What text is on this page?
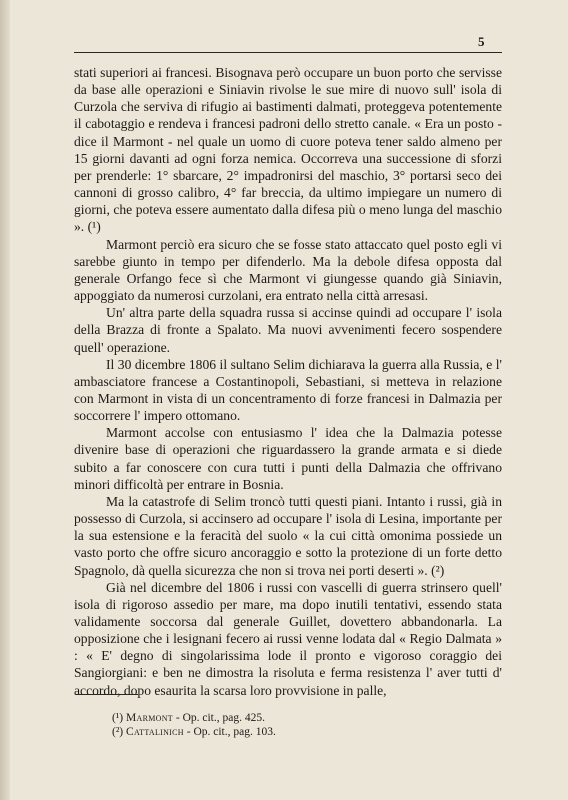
5

stati superiori ai francesi. Bisognava però occupare un buon porto che servisse da base alle operazioni e Siniavin rivolse le sue mire di nuovo sull' isola di Curzola che serviva di rifugio ai bastimenti dalmati, proteggeva potentemente il cabotaggio e rendeva i francesi padroni dello stretto canale. « Era un posto - dice il Marmont - nel quale un uomo di cuore poteva tener saldo almeno per 15 giorni davanti ad ogni forza nemica. Occorreva una successione di sforzi per prenderle: 1° sbarcare, 2° impadronirsi del maschio, 3° portarsi seco dei cannoni di grosso calibro, 4° far breccia, da ultimo impiegare un numero di giorni, che poteva essere aumentato dalla difesa più o meno lunga del maschio ». (¹)

Marmont perciò era sicuro che se fosse stato attaccato quel posto egli vi sarebbe giunto in tempo per difenderlo. Ma la debole difesa opposta dal generale Orfango fece sì che Marmont vi giungesse quando già Siniavin, appoggiato da numerosi curzolani, era entrato nella città arresasi.

Un' altra parte della squadra russa si accinse quindi ad occupare l' isola della Brazza di fronte a Spalato. Ma nuovi avvenimenti fecero sospendere quell' operazione.

Il 30 dicembre 1806 il sultano Selim dichiarava la guerra alla Russia, e l' ambasciatore francese a Costantinopoli, Sebastiani, si metteva in relazione con Marmont in vista di un concentramento di forze francesi in Dalmazia per soccorrere l' impero ottomano.

Marmont accolse con entusiasmo l' idea che la Dalmazia potesse divenire base di operazioni che riguardassero la grande armata e si diede subito a far conoscere con cura tutti i punti della Dalmazia che offrivano minori difficoltà per entrare in Bosnia.

Ma la catastrofe di Selim troncò tutti questi piani. Intanto i russi, già in possesso di Curzola, si accinsero ad occupare l' isola di Lesina, importante per la sua estensione e la feracità del suolo « la cui città omonima possiede un vasto porto che offre sicuro ancoraggio e sotto la protezione di un forte detto Spagnolo, dà quella sicurezza che non si trova nei porti deserti ». (²)

Già nel dicembre del 1806 i russi con vascelli di guerra strinsero quell' isola di rigoroso assedio per mare, ma dopo inutili tentativi, essendo stata validamente soccorsa dal generale Guillet, dovettero abbandonarla. La opposizione che i lesignani fecero ai russi venne lodata dal « Regio Dalmata » : « E' degno di singolarissima lode il pronto e vigoroso coraggio dei Sangiorgiani: e ben ne dimostra la risoluta e ferma resistenza l' aver tutti d' accordo, dopo esaurita la scarsa loro provvisione in palle,

(¹) Marmont - Op. cit., pag. 425.
(²) Cattalinich - Op. cit., pag. 103.
